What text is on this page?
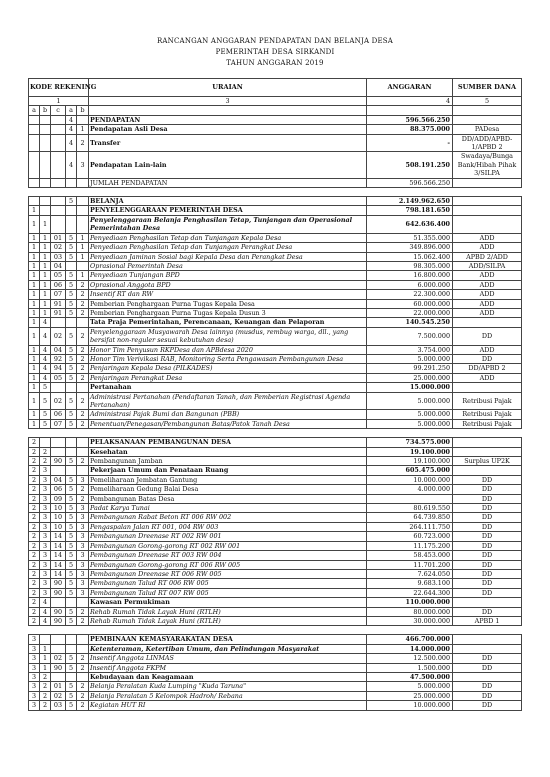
RANCANGAN ANGGARAN PENDAPATAN DAN BELANJA DESA
PEMERINTAH DESA SIRKANDI
TAHUN ANGGARAN 2019
KODE REKENING					URAIAN	ANGGARAN	SUMBER DANA
1					3	4	5
a	b	c	a	b			
			4		PENDAPATAN	596.566.250	
			4	1	Pendapatan Asli Desa	88.375.000	PADesa
			4	2	Transfer	-	DD/ADD/APBD-1/APBD 2
			4	3	Pendapatan Lain-lain	508.191.250	Swadaya/Bunga Bank/Hibah Pihak 3/SILPA
					JUMLAH PENDAPATAN	596.566.250	

			5		BELANJA	2.149.962.650	
1					PENYELENGGARAAN PEMERINTAH DESA	798.181.650	
1	1				Penyelenggaraan Belanja Penghasilan Tetap, Tunjangan dan Operasional Pemerintahan Desa	642.636.400	
1	1	01	5	1	Penyediaan Penghasilan Tetap dan Tunjangan Kepala Desa	51.355.000	ADD
1	1	02	5	1	Penyediaan Penghasilan Tetap dan Tunjangan Perangkat Desa	349.896.000	ADD
1	1	03	5	1	Penyediaan Jaminan Sosial bagi Kepala Desa dan Perangkat Desa	15.062.400	APBD 2/ADD
1	1	04			Oprasional Pemerintah Desa	98.305.000	ADD/SILPA
1	1	05	5	1	Penyediaan Tunjangan BPD	16.800.000	ADD
1	1	06	5	2	Oprasional Anggota BPD	6.000.000	ADD
1	1	07	5	2	Insentif RT dan RW	22.300.000	ADD
1	1	91	5	2	Pemberian Penghargaan Purna Tugas Kepala Desa	60.000.000	ADD
1	1	91	5	2	Pemberian Penghargaan Purna Tugas Kepala Dusun 3	22.000.000	ADD
1	4				Tata Praja Pemerintahan, Perencanaan, Keuangan dan Pelaporan	140.545.250	
1	4	02	5	2	Penyelenggaraan Musyawarah Desa lainnya (musdus, rembug warga, dll., yang bersifat non-reguler sesuai kebutuhan desa)	7.500.000	DD
1	4	04	5	2	Honor Tim Penyusun RKPDesa dan APBdesa 2020	3.754.000	ADD
1	4	92	5	2	Honor Tim Verivikasi RAB, Monitoring Serta Pengawasan Pembangunan Desa	5.000.000	DD
1	4	94	5	2	Penjaringan Kepala Desa (PILKADES)	99.291.250	DD/APBD 2
1	4	05	5	2	Penjaringan Perangkat Desa	25.000.000	ADD
1	5				Pertanahan	15.000.000	
1	5	02	5	2	Administrasi Pertanahan (Pendaftaran Tanah, dan Pemberian Registrasi Agenda Pertanahan)	5.000.000	Retribusi Pajak
1	5	06	5	2	Administrasi Pajak Bumi dan Bangunan (PBB)	5.000.000	Retribusi Pajak
1	5	07	5	2	Penentuan/Penegasan/Pembangunan Batas/Patok Tanah Desa	5.000.000	Retribusi Pajak

2					PELAKSANAAN PEMBANGUNAN DESA	734.575.000	
2	2				Kesehatan	19.100.000	
2	2	90	5	2	Pembangunan Jamban	19.100.000	Surplus UP2K
2	3				Pekerjaan Umum dan Penataan Ruang	605.475.000	
2	3	04	5	3	Pemeliharaan Jembatan Gantung	10.000.000	DD
2	3	06	5	2	Pemeliharaan Gedung Balai Desa	4.000.000	DD
2	3	09	5	2	Pembangunan Batas Desa		DD
2	3	10	5	3	Padat Karya Tunai	80.619.550	DD
2	3	10	5	3	Pembangunan Rabat Beton RT 006 RW 002	64.739.850	DD
2	3	10	5	3	Pengaspalan Jalan RT 001, 004 RW 003	264.111.750	DD
2	3	14	5	3	Pembangunan Dreenase RT 002 RW 001	60.723.000	DD
2	3	14	5	3	Pembangunan Gorong-gorong RT 002 RW 001	11.175.200	DD
2	3	14	5	3	Pembangunan Dreenase RT 003 RW 004	58.453.000	DD
2	3	14	5	3	Pembangunan Gorong-gorong RT 006 RW 005	11.701.200	DD
2	3	14	5	3	Pembangunan Dreenase RT 006 RW 005	7.624.050	DD
2	3	90	5	3	Pembangunan Talud RT 006 RW 005	9.683.100	DD
2	3	90	5	3	Pembangunan Talud RT 007 RW 005	22.644.300	DD
2	4				Kawasan Permukiman	110.000.000	
2	4	90	5	2	Rehab Rumah Tidak Layak Huni (RTLH)	80.000.000	DD
2	4	90	5	2	Rehab Rumah Tidak Layak Huni (RTLH)	30.000.000	APBD 1

3					PEMBINAAN KEMASYARAKATAN DESA	466.700.000	
3	1				Ketenteraman, Ketertiban Umum, dan Pelindungan Masyarakat	14.000.000	
3	1	02	5	2	Insentif Anggota LINMAS	12.500.000	DD
3	1	90	5	2	Insentif Anggota FKPM	1.500.000	DD
3	2				Kebudayaan dan Keagamaan	47.500.000	
3	2	01	5	2	Belanja Peralatan Kuda Lumping "Kuda Taruna"	5.000.000	DD
3	2	02	5	2	Belanja Peralatan 5 Kelompok Hadroh/ Rebana	25.000.000	DD
3	2	03	5	2	Kegiatan HUT RI	10.000.000	DD
